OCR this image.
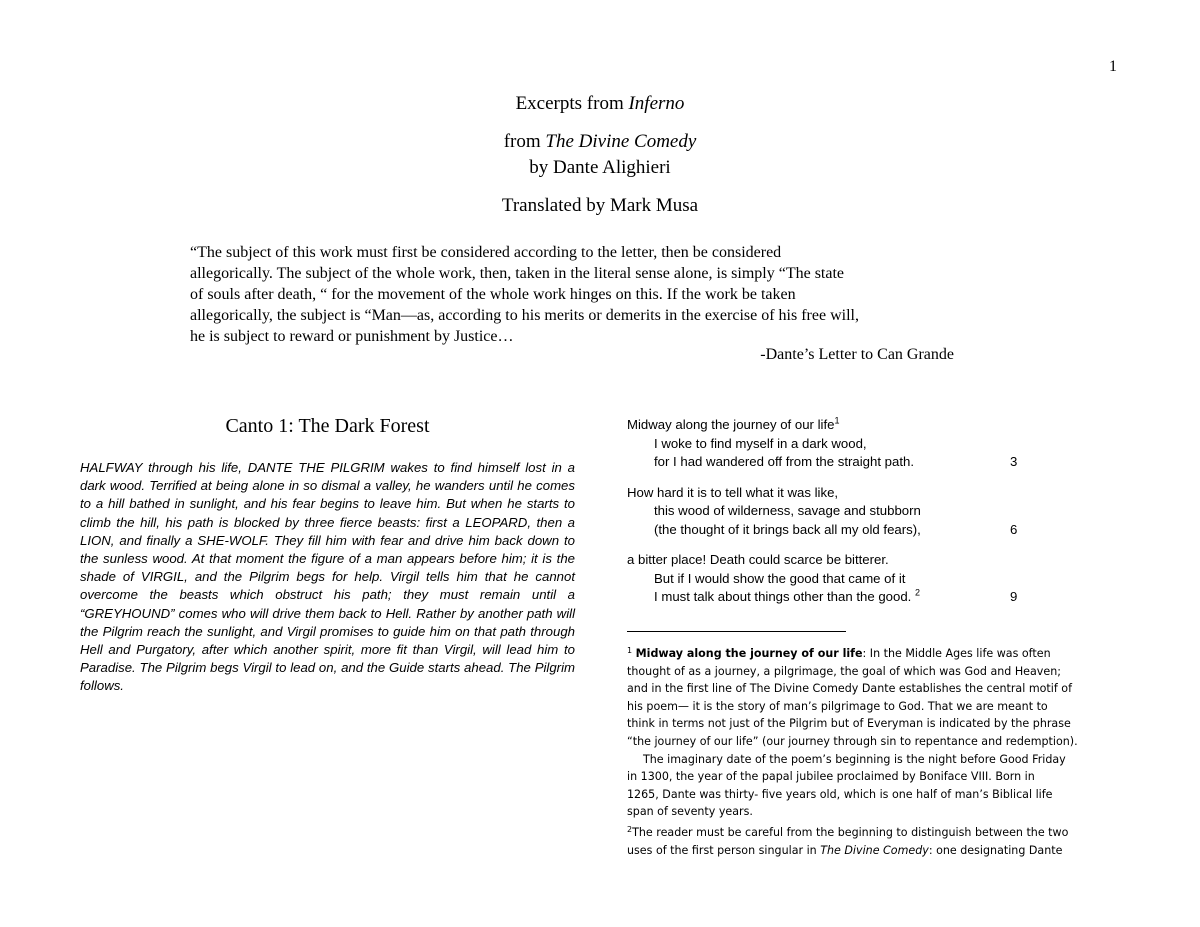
1
Excerpts from Inferno
from The Divine Comedy
by Dante Alighieri
Translated by Mark Musa

“The subject of this work must first be considered according to the letter, then be considered

allegorically. The subject of the whole work, then, taken in the literal sense alone, is simply “The state

of souls after death, “ for the movement of the whole work hinges on this. If the work be taken

allegorically, the subject is “Man—as, according to his merits or demerits in the exercise of his free will,

he is subject to reward or punishment by Justice…

-Dante’s Letter to Can Grande
Canto 1: The Dark Forest
HALFWAY through his life, DANTE THE PILGRIM wakes to find himself lost in a dark wood. Terrified at being alone in so dismal a valley, he wanders until he comes to a hill bathed in sunlight, and his fear begins to leave him. But when he starts to climb the hill, his path is blocked by three fierce beasts: first a LEOPARD, then a LION, and finally a SHE-WOLF. They fill him with fear and drive him back down to the sunless wood. At that moment the figure of a man appears before him; it is the shade of VIRGIL, and the Pilgrim begs for help. Virgil tells him that he cannot overcome the beasts which obstruct his path; they must remain until a “GREYHOUND” comes who will drive them back to Hell. Rather by another path will the Pilgrim reach the sunlight, and Virgil promises to guide him on that path through Hell and Purgatory, after which another spirit, more fit than Virgil, will lead him to Paradise. The Pilgrim begs Virgil to lead on, and the Guide starts ahead. The Pilgrim follows.
Midway along the journey of our life$^1$
I woke to find myself in a dark wood,
for I had wandered off from the straight path.	3
How hard it is to tell what it was like,
this wood of wilderness, savage and stubborn
(the thought of it brings back all my old fears),	6
a bitter place! Death could scarce be bitterer.
But if I would show the good that came of it
I must talk about things other than the good. $^2$	9

$^1$ Midway along the journey of our life: In the Middle Ages life was often

thought of as a journey, a pilgrimage, the goal of which was God and Heaven;

and in the first line of The Divine Comedy Dante establishes the central motif of

his poem— it is the story of man’s pilgrimage to God. That we are meant to

think in terms not just of the Pilgrim but of Everyman is indicated by the phrase

“the journey of our life” (our journey through sin to repentance and redemption).

The imaginary date of the poem’s beginning is the night before Good Friday

in 1300, the year of the papal jubilee proclaimed by Boniface VIII. Born in

1265, Dante was thirty- five years old, which is one half of man’s Biblical life

span of seventy years.

$^2$The reader must be careful from the beginning to distinguish between the two

uses of the first person singular in The Divine Comedy: one designating Dante
